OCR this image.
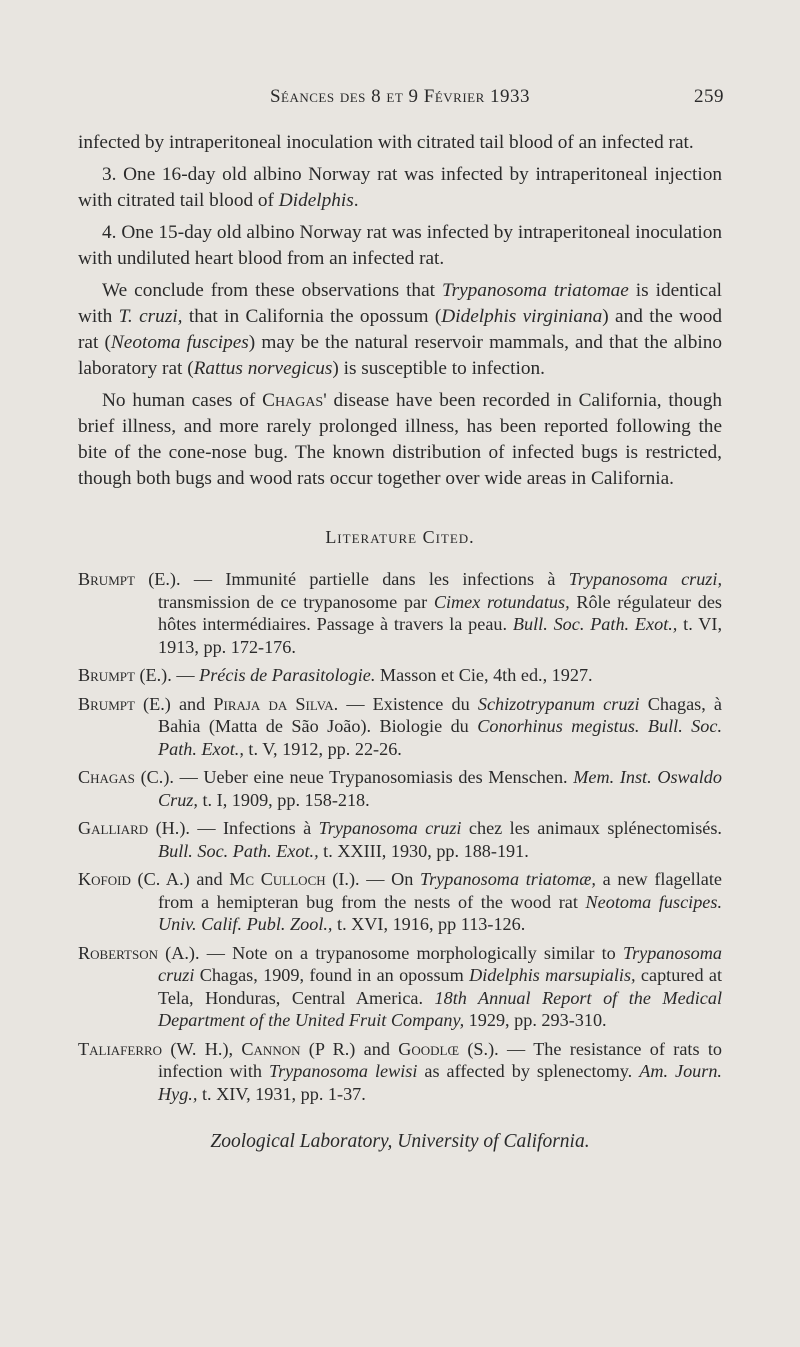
Séances des 8 et 9 Février 1933	259

infected by intraperitoneal inoculation with citrated tail blood of an infected rat.

3. One 16-day old albino Norway rat was infected by intraperitoneal injection with citrated tail blood of Didelphis.

4. One 15-day old albino Norway rat was infected by intraperitoneal inoculation with undiluted heart blood from an infected rat.

We conclude from these observations that Trypanosoma triatomae is identical with T. cruzi, that in California the opossum (Didelphis virginiana) and the wood rat (Neotoma fuscipes) may be the natural reservoir mammals, and that the albino laboratory rat (Rattus norvegicus) is susceptible to infection.

No human cases of Chagas' disease have been recorded in California, though brief illness, and more rarely prolonged illness, has been reported following the bite of the cone-nose bug. The known distribution of infected bugs is restricted, though both bugs and wood rats occur together over wide areas in California.

Literature Cited.

Brumpt (E.). — Immunité partielle dans les infections à Trypanosoma cruzi, transmission de ce trypanosome par Cimex rotundatus, Rôle régulateur des hôtes intermédiaires. Passage à travers la peau. Bull. Soc. Path. Exot., t. VI, 1913, pp. 172-176.

Brumpt (E.). — Précis de Parasitologie. Masson et Cie, 4th ed., 1927.

Brumpt (E.) and Piraja da Silva. — Existence du Schizotrypanum cruzi Chagas, à Bahia (Matta de São João). Biologie du Conorhinus megistus. Bull. Soc. Path. Exot., t. V, 1912, pp. 22-26.

Chagas (C.). — Ueber eine neue Trypanosomiasis des Menschen. Mem. Inst. Oswaldo Cruz, t. I, 1909, pp. 158-218.

Galliard (H.). — Infections à Trypanosoma cruzi chez les animaux splénectomisés. Bull. Soc. Path. Exot., t. XXIII, 1930, pp. 188-191.

Kofoid (C. A.) and Mc Culloch (I.). — On Trypanosoma triatomæ, a new flagellate from a hemipteran bug from the nests of the wood rat Neotoma fuscipes. Univ. Calif. Publ. Zool., t. XVI, 1916, pp 113-126.

Robertson (A.). — Note on a trypanosome morphologically similar to Trypanosoma cruzi Chagas, 1909, found in an opossum Didelphis marsupialis, captured at Tela, Honduras, Central America. 18th Annual Report of the Medical Department of the United Fruit Company, 1929, pp. 293-310.

Taliaferro (W. H.), Cannon (P R.) and Goodlœ (S.). — The resistance of rats to infection with Trypanosoma lewisi as affected by splenectomy. Am. Journ. Hyg., t. XIV, 1931, pp. 1-37.

Zoological Laboratory, University of California.
